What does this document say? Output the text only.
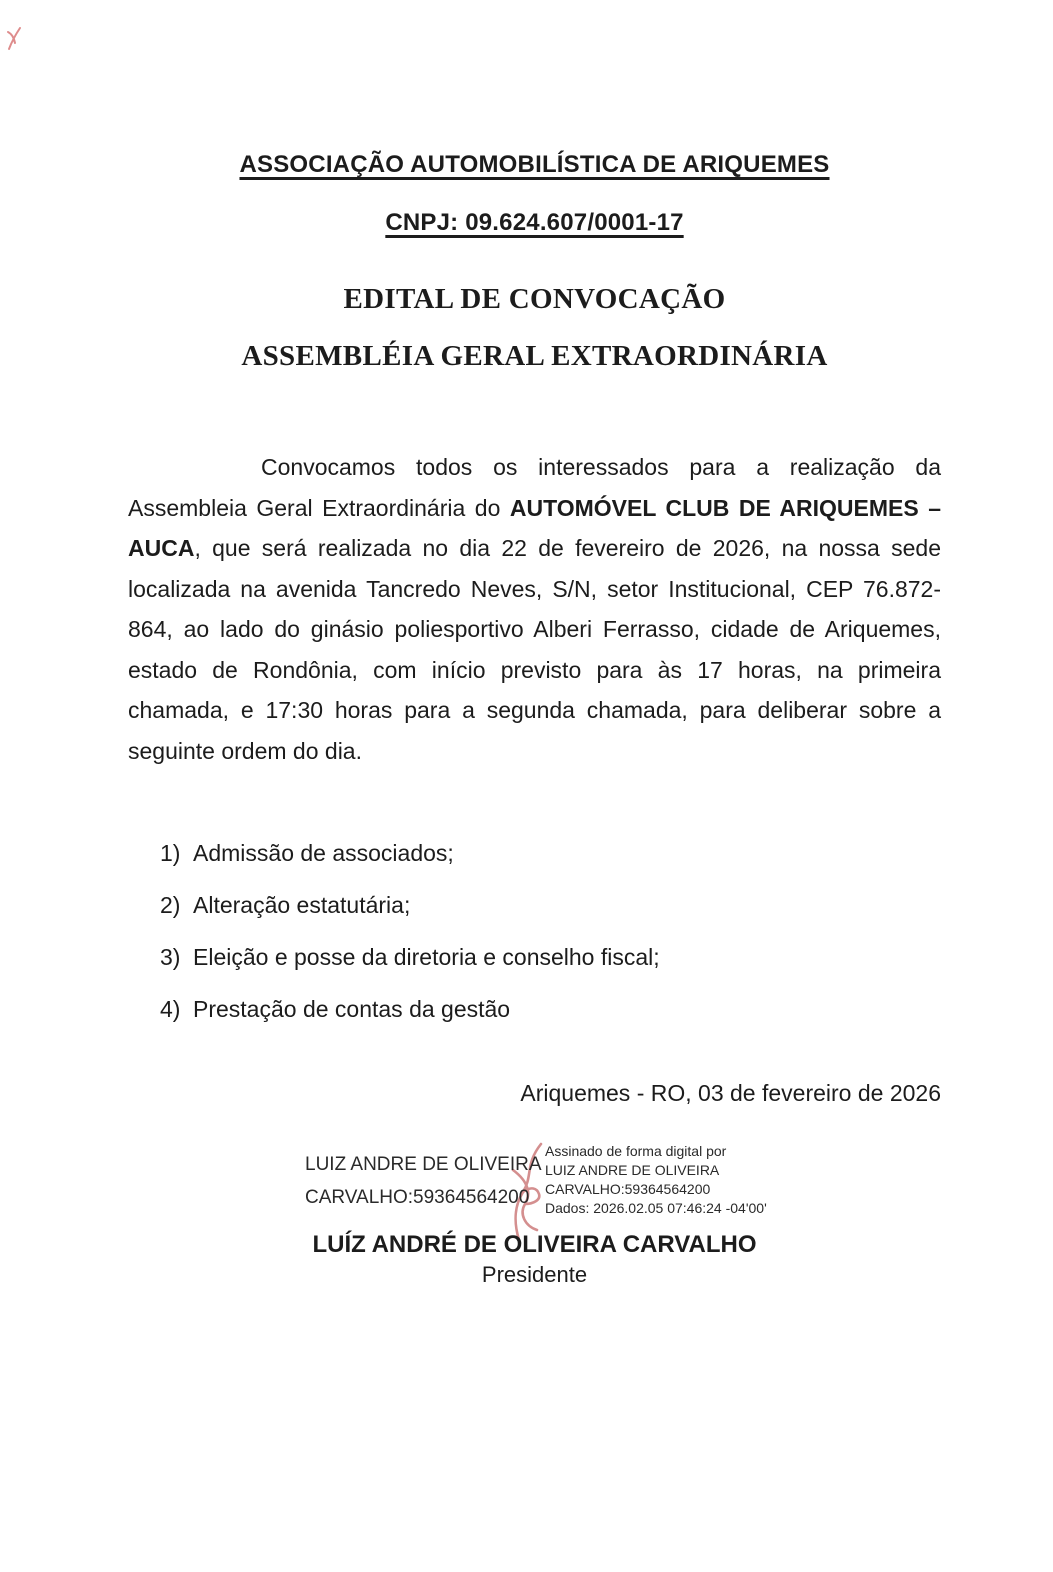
ASSOCIAÇÃO AUTOMOBILÍSTICA DE ARIQUEMES
CNPJ: 09.624.607/0001-17
EDITAL DE CONVOCAÇÃO
ASSEMBLÉIA GERAL EXTRAORDINÁRIA
Convocamos todos os interessados para a realização da
Assembleia Geral Extraordinária do AUTOMÓVEL CLUB DE ARIQUEMES –
AUCA, que será realizada no dia 22 de fevereiro de 2026, na nossa sede
localizada na avenida Tancredo Neves, S/N, setor Institucional, CEP 76.872-
864, ao lado do ginásio poliesportivo Alberi Ferrasso, cidade de Ariquemes,
estado de Rondônia, com início previsto para às 17 horas, na primeira
chamada, e 17:30 horas para a segunda chamada, para deliberar sobre a
seguinte ordem do dia.
1) Admissão de associados;
2) Alteração estatutária;
3) Eleição e posse da diretoria e conselho fiscal;
4) Prestação de contas da gestão
Ariquemes - RO, 03 de fevereiro de 2026
LUIZ ANDRE DE OLIVEIRA
CARVALHO:59364564200
Assinado de forma digital por
LUIZ ANDRE DE OLIVEIRA
CARVALHO:59364564200
Dados: 2026.02.05 07:46:24 -04'00'
LUÍZ ANDRÉ DE OLIVEIRA CARVALHO
Presidente
